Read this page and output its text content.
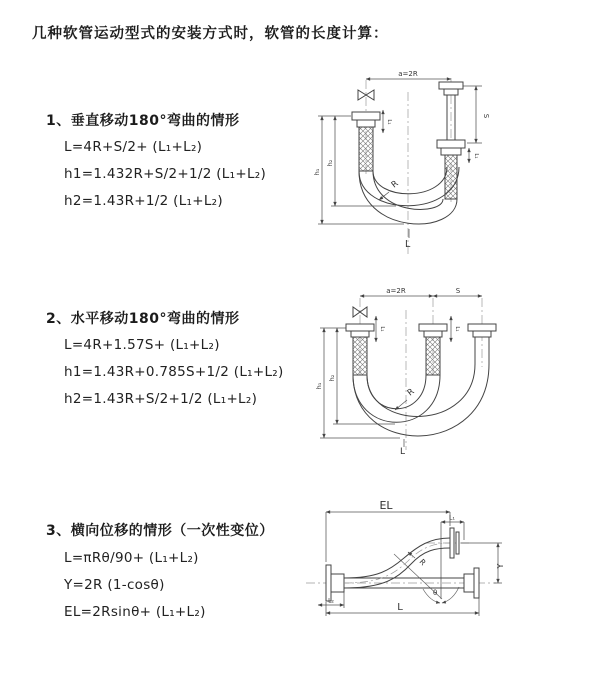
几种软管运动型式的安装方式时，软管的长度计算：
1、垂直移动180°弯曲的情形
L=4R+S/2+ (L₁+L₂)
h1=1.432R+S/2+1/2 (L₁+L₂)
h2=1.43R+1/2 (L₁+L₂)
2、水平移动180°弯曲的情形
L=4R+1.57S+ (L₁+L₂)
h1=1.43R+0.785S+1/2 (L₁+L₂)
h2=1.43R+S/2+1/2 (L₁+L₂)
3、横向位移的情形（一次性变位）
L=πRθ/90+ (L₁+L₂)
Y=2R (1-cosθ)
EL=2Rsinθ+ (L₁+L₂)
a=2R
S
L₁
L₁
h₁
h₂
R
L
a=2R	S
L₁	L₁
h₁
h₂
R
L
EL
L₁
Y
L₂
L
R
θ
